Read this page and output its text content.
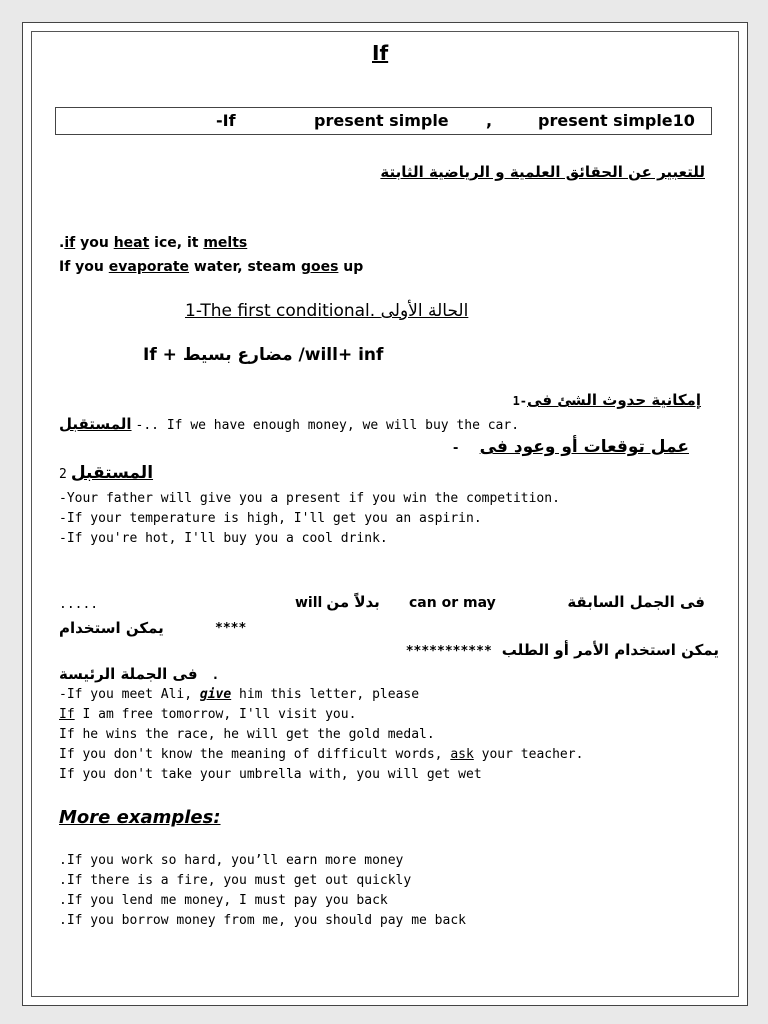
If
-If	present simple ,	present simple10
للتعبير عن الحقائق العلمية و الرياضية الثابتة
.if you heat ice, it melts
If you evaporate water, steam goes up
1-The first conditional. الحالة الأولى
If + مضارع بسيط /will+ inf
إمكانية حدوث الشئ فى1-
المستقبل -.. If we have enough money, we will buy the car.
عمل توقعات أو وعود فى -
2 المستقبل
-Your father will give you a present if you win the competition.
-If your temperature is high, I'll get you an aspirin.
-If you're hot, I'll buy you a cool drink.
.....	will بدلاً من	can or may	فى الجمل السابقة
يمكن استخدام	****
يمكن استخدام الأمر أو الطلب ***********
. فى الجملة الرئيسة
-If you meet Ali, give him this letter, please
If I am free tomorrow, I'll visit you.
If he wins the race, he will get the gold medal.
If you don't know the meaning of difficult words, ask your teacher.
If you don't take your umbrella with, you will get wet
More examples:
.If you work so hard, you’ll earn more money
.If there is a fire, you must get out quickly
.If you lend me money, I must pay you back
.If you borrow money from me, you should pay me back
